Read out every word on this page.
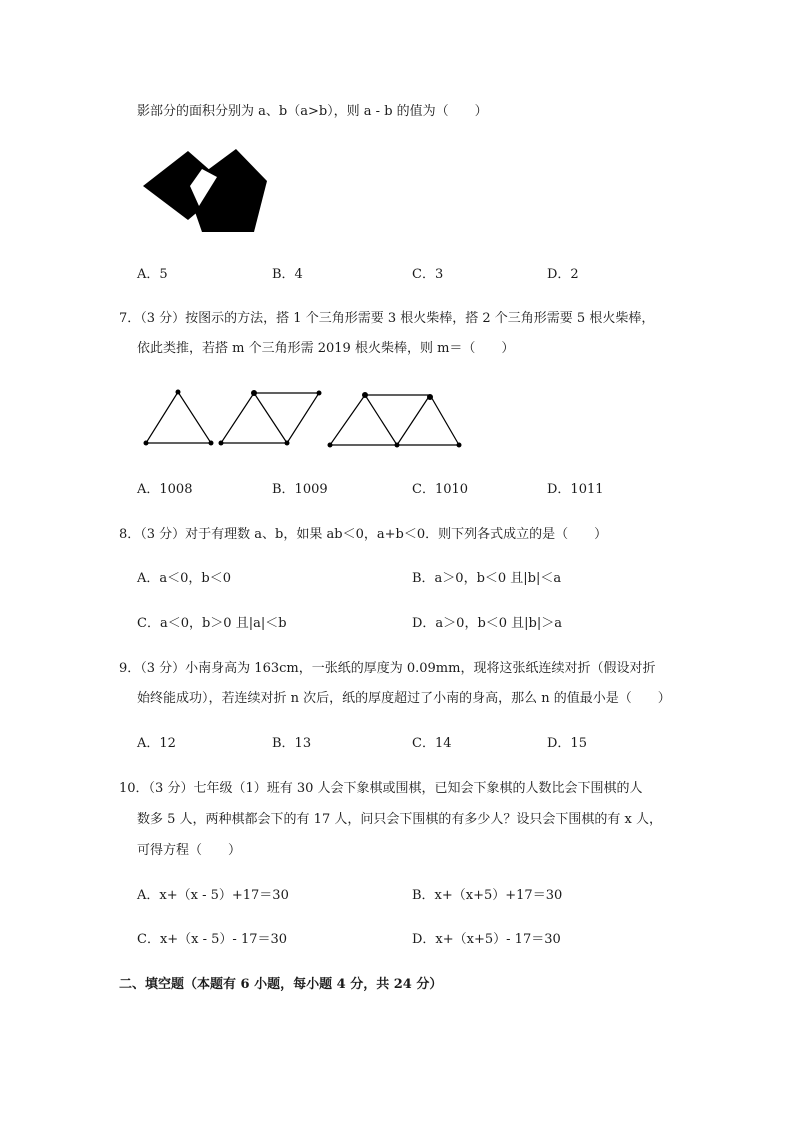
影部分的面积分别为 a、b（a>b），则 a - b 的值为（　　）
A．5	B．4	C．3	D．2
7．（3 分）按图示的方法，搭 1 个三角形需要 3 根火柴棒，搭 2 个三角形需要 5 根火柴棒，
依此类推，若搭 m 个三角形需 2019 根火柴棒，则 m＝（　　）
A．1008	B．1009	C．1010	D．1011
8．（3 分）对于有理数 a、b，如果 ab＜0，a+b＜0．则下列各式成立的是（　　）
A．a＜0，b＜0	B．a＞0，b＜0 且|b|＜a
C．a＜0，b＞0 且|a|＜b	D．a＞0，b＜0 且|b|＞a
9．（3 分）小南身高为 163cm，一张纸的厚度为 0.09mm，现将这张纸连续对折（假设对折
始终能成功），若连续对折 n 次后，纸的厚度超过了小南的身高，那么 n 的值最小是（　　）
A．12	B．13	C．14	D．15
10．（3 分）七年级（1）班有 30 人会下象棋或围棋，已知会下象棋的人数比会下围棋的人
数多 5 人，两种棋都会下的有 17 人，问只会下围棋的有多少人？设只会下围棋的有 x 人，
可得方程（　　）
A．x+（x - 5）+17＝30	B．x+（x+5）+17＝30
C．x+（x - 5）- 17＝30	D．x+（x+5）- 17＝30
二、填空题（本题有 6 小题，每小题 4 分，共 24 分）
